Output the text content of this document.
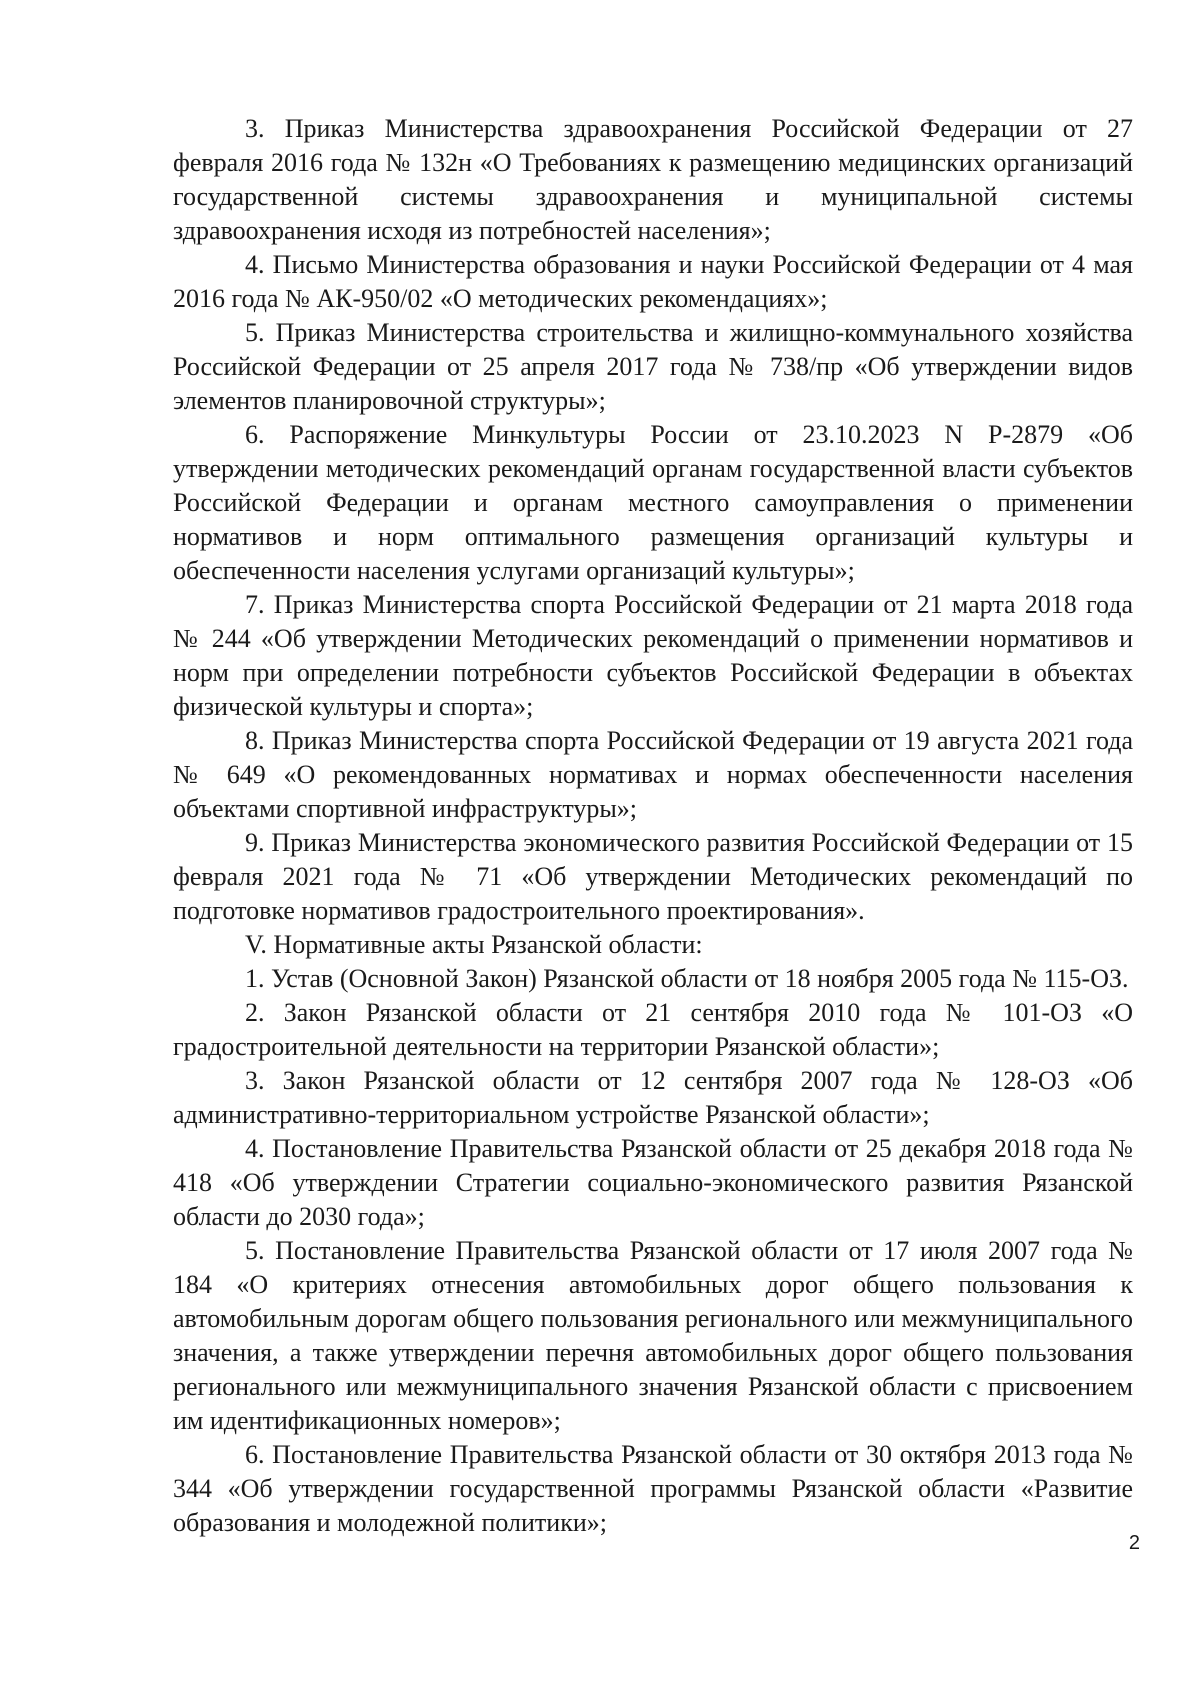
3. Приказ Министерства здравоохранения Российской Федерации от 27 февраля 2016 года № 132н «О Требованиях к размещению медицинских организаций государственной системы здравоохранения и муниципальной системы здравоохранения исходя из потребностей населения»;

4. Письмо Министерства образования и науки Российской Федерации от 4 мая 2016 года № АК-950/02 «О методических рекомендациях»;

5. Приказ Министерства строительства и жилищно-коммунального хозяйства Российской Федерации от 25 апреля 2017 года № 738/пр «Об утверждении видов элементов планировочной структуры»;

6. Распоряжение Минкультуры России от 23.10.2023 N Р-2879 «Об утверждении методических рекомендаций органам государственной власти субъектов Российской Федерации и органам местного самоуправления о применении нормативов и норм оптимального размещения организаций культуры и обеспеченности населения услугами организаций культуры»;

7. Приказ Министерства спорта Российской Федерации от 21 марта 2018 года № 244 «Об утверждении Методических рекомендаций о применении нормативов и норм при определении потребности субъектов Российской Федерации в объектах физической культуры и спорта»;

8. Приказ Министерства спорта Российской Федерации от 19 августа 2021 года № 649 «О рекомендованных нормативах и нормах обеспеченности населения объектами спортивной инфраструктуры»;

9. Приказ Министерства экономического развития Российской Федерации от 15 февраля 2021 года № 71 «Об утверждении Методических рекомендаций по подготовке нормативов градостроительного проектирования».

V. Нормативные акты Рязанской области:

1. Устав (Основной Закон) Рязанской области от 18 ноября 2005 года № 115-ОЗ.

2. Закон Рязанской области от 21 сентября 2010 года № 101-ОЗ «О градостроительной деятельности на территории Рязанской области»;

3. Закон Рязанской области от 12 сентября 2007 года № 128-ОЗ «Об административно-территориальном устройстве Рязанской области»;

4. Постановление Правительства Рязанской области от 25 декабря 2018 года № 418 «Об утверждении Стратегии социально-экономического развития Рязанской области до 2030 года»;

5. Постановление Правительства Рязанской области от 17 июля 2007 года № 184 «О критериях отнесения автомобильных дорог общего пользования к автомобильным дорогам общего пользования регионального или межмуниципального значения, а также утверждении перечня автомобильных дорог общего пользования регионального или межмуниципального значения Рязанской области с присвоением им идентификационных номеров»;

6. Постановление Правительства Рязанской области от 30 октября 2013 года № 344 «Об утверждении государственной программы Рязанской области «Развитие образования и молодежной политики»;

2
